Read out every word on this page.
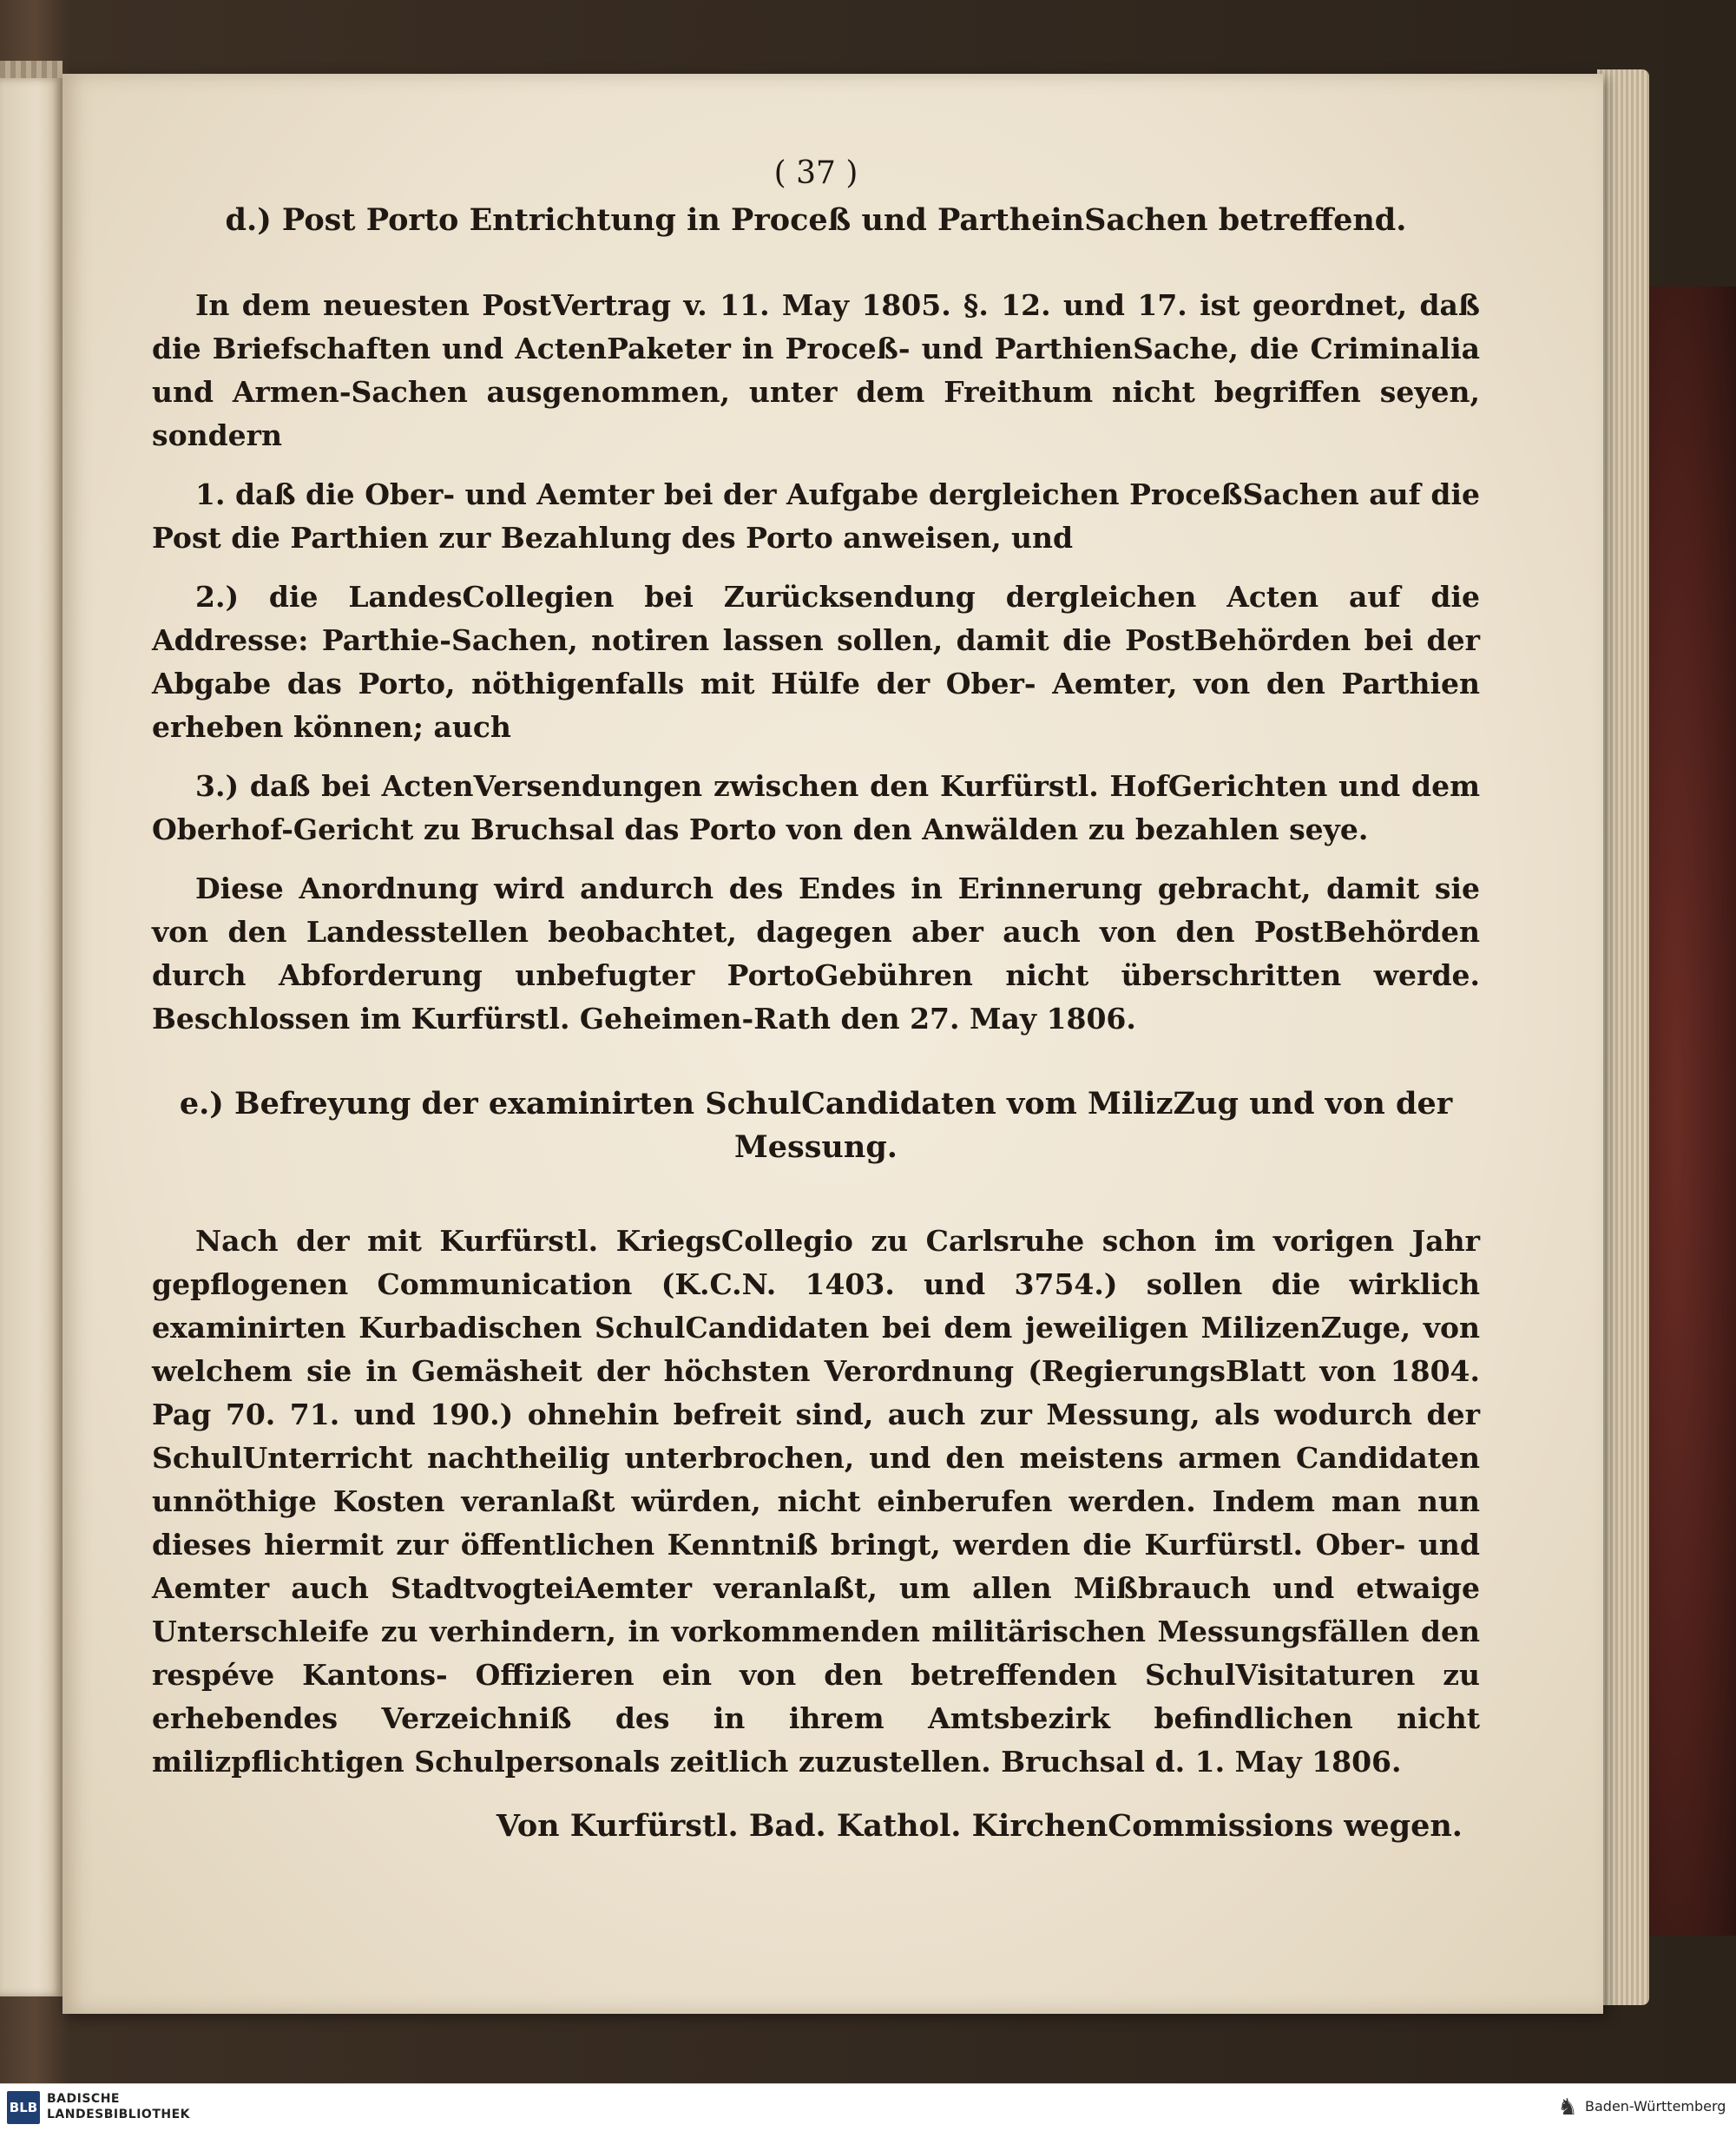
( 37 )
d.) Post Porto Entrichtung in Proceß und PartheinSachen betreffend.

In dem neuesten PostVertrag v. 11. May 1805. §. 12. und 17. ist geordnet, daß die Briefschaften und ActenPaketer in Proceß- und ParthienSache, die Criminalia und Armen-Sachen ausgenommen, unter dem Freithum nicht begriffen seyen, sondern

1. daß die Ober- und Aemter bei der Aufgabe dergleichen ProceßSachen auf die Post die Parthien zur Bezahlung des Porto anweisen, und

2.) die LandesCollegien bei Zurücksendung dergleichen Acten auf die Addresse: Parthie-Sachen, notiren lassen sollen, damit die PostBehörden bei der Abgabe das Porto, nöthigenfalls mit Hülfe der Ober- Aemter, von den Parthien erheben können; auch

3.) daß bei ActenVersendungen zwischen den Kurfürstl. HofGerichten und dem Oberhof-Gericht zu Bruchsal das Porto von den Anwälden zu bezahlen seye.

Diese Anordnung wird andurch des Endes in Erinnerung gebracht, damit sie von den Landesstellen beobachtet, dagegen aber auch von den PostBehörden durch Abforderung unbefugter PortoGebühren nicht überschritten werde. Beschlossen im Kurfürstl. Geheimen-Rath den 27. May 1806.

e.) Befreyung der examinirten SchulCandidaten vom MilizZug und von der Messung.

Nach der mit Kurfürstl. KriegsCollegio zu Carlsruhe schon im vorigen Jahr gepflogenen Communication (K.C.N. 1403. und 3754.) sollen die wirklich examinirten Kurbadischen SchulCandidaten bei dem jeweiligen MilizenZuge, von welchem sie in Gemäsheit der höchsten Verordnung (RegierungsBlatt von 1804. Pag 70. 71. und 190.) ohnehin befreit sind, auch zur Messung, als wodurch der SchulUnterricht nachtheilig unterbrochen, und den meistens armen Candidaten unnöthige Kosten veranlaßt würden, nicht einberufen werden. Indem man nun dieses hiermit zur öffentlichen Kenntniß bringt, werden die Kurfürstl. Ober- und Aemter auch StadtvogteiAemter veranlaßt, um allen Mißbrauch und etwaige Unterschleife zu verhindern, in vorkommenden militärischen Messungsfällen den respéve Kantons- Offizieren ein von den betreffenden SchulVisitaturen zu erhebendes Verzeichniß des in ihrem Amtsbezirk befindlichen nicht milizpflichtigen Schulpersonals zeitlich zuzustellen. Bruchsal d. 1. May 1806.

Von Kurfürstl. Bad. Kathol. KirchenCommissions wegen.
BLB
BADISCHE
LANDESBIBLIOTHEK	♞ Baden-Württemberg
